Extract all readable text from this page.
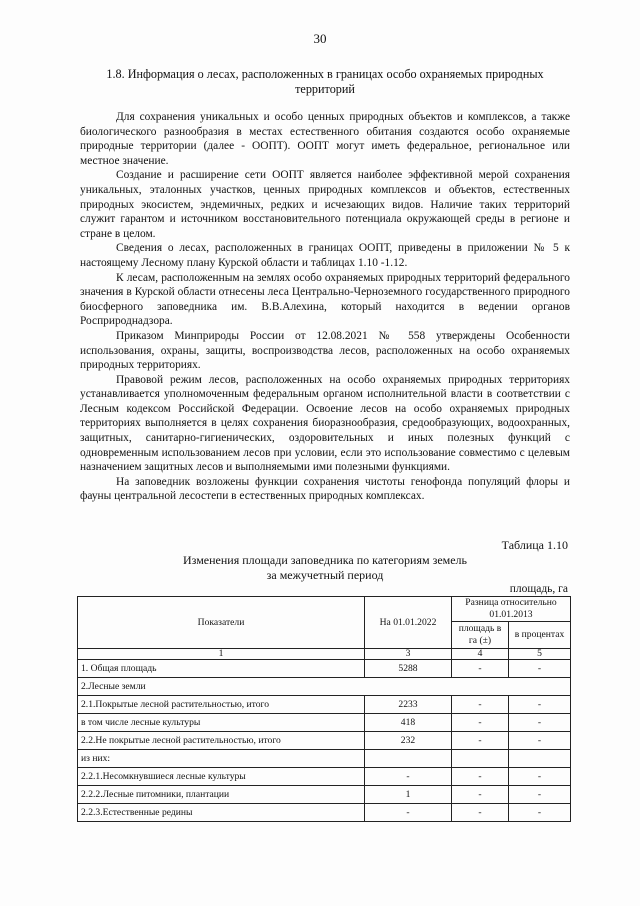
30
1.8. Информация о лесах, расположенных в границах особо охраняемых природных территорий

Для сохранения уникальных и особо ценных природных объектов и комплексов, а также биологического разнообразия в местах естественного обитания создаются особо охраняемые природные территории (далее - ООПТ). ООПТ могут иметь федеральное, региональное или местное значение.

Создание и расширение сети ООПТ является наиболее эффективной мерой сохранения уникальных, эталонных участков, ценных природных комплексов и объектов, естественных природных экосистем, эндемичных, редких и исчезающих видов. Наличие таких территорий служит гарантом и источником восстановительного потенциала окружающей среды в регионе и стране в целом.

Сведения о лесах, расположенных в границах ООПТ, приведены в приложении № 5 к настоящему Лесному плану Курской области и таблицах 1.10 -1.12.

К лесам, расположенным на землях особо охраняемых природных территорий федерального значения в Курской области отнесены леса Центрально-Черноземного государственного природного биосферного заповедника им. В.В.Алехина, который находится в ведении органов Росприроднадзора.

Приказом Минприроды России от 12.08.2021 № 558 утверждены Особенности использования, охраны, защиты, воспроизводства лесов, расположенных на особо охраняемых природных территориях.

Правовой режим лесов, расположенных на особо охраняемых природных территориях устанавливается уполномоченным федеральным органом исполнительной власти в соответствии с Лесным кодексом Российской Федерации. Освоение лесов на особо охраняемых природных территориях выполняется в целях сохранения биоразнообразия, средообразующих, водоохранных, защитных, санитарно-гигиенических, оздоровительных и иных полезных функций с одновременным использованием лесов при условии, если это использование совместимо с целевым назначением защитных лесов и выполняемыми ими полезными функциями.

На заповедник возложены функции сохранения чистоты генофонда популяций флоры и фауны центральной лесостепи в естественных природных комплексах.

Таблица 1.10
Изменения площади заповедника по категориям земель
за межучетный период
площадь, га
Показатели	На 01.01.2022	Разница относительно 01.01.2013	
		площадь в га (±)	в процентах
1	3	4	5
1. Общая площадь	5288	-	-
2.Лесные земли			
2.1.Покрытые лесной растительностью, итого	2233	-	-
в том числе лесные культуры	418	-	-
2.2.Не покрытые лесной растительностью, итого	232	-	-
из них:			
2.2.1.Несомкнувшиеся лесные культуры	-	-	-
2.2.2.Лесные питомники, плантации	1	-	-
2.2.3.Естественные редины	-	-	-
